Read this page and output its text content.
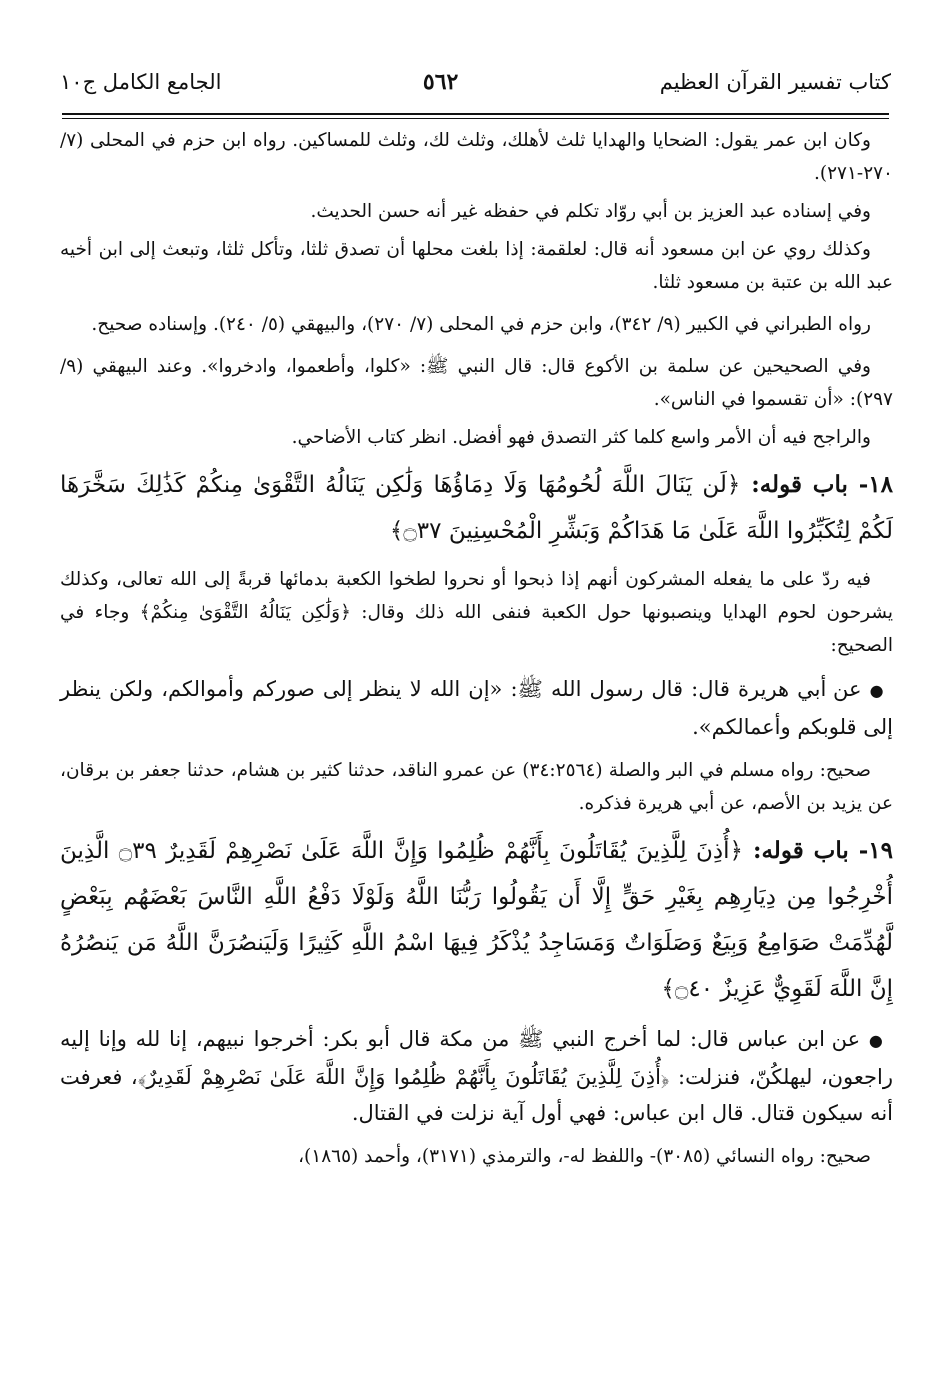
كتاب تفسير القرآن العظيم
٥٦٢
الجامع الكامل ج١٠

وكان ابن عمر يقول: الضحايا والهدايا ثلث لأهلك، وثلث لك، وثلث للمساكين. رواه ابن حزم في المحلى (٧/ ٢٧٠-٢٧١).

وفي إسناده عبد العزيز بن أبي روّاد تكلم في حفظه غير أنه حسن الحديث.

وكذلك روي عن ابن مسعود أنه قال: لعلقمة: إذا بلغت محلها أن تصدق ثلثا، وتأكل ثلثا، وتبعث إلى ابن أخيه عبد الله بن عتبة بن مسعود ثلثا.

رواه الطبراني في الكبير (٩/ ٣٤٢)، وابن حزم في المحلى (٧/ ٢٧٠)، والبيهقي (٥/ ٢٤٠). وإسناده صحيح.

وفي الصحيحين عن سلمة بن الأكوع قال: قال النبي ﷺ: «كلوا، وأطعموا، وادخروا». وعند البيهقي (٩/ ٢٩٧): «أن تقسموا في الناس».

والراجح فيه أن الأمر واسع كلما كثر التصدق فهو أفضل. انظر كتاب الأضاحي.

١٨- باب قوله: ﴿لَن يَنَالَ اللَّهَ لُحُومُهَا وَلَا دِمَاؤُهَا وَلَٰكِن يَنَالُهُ التَّقْوَىٰ مِنكُمْ كَذَٰلِكَ سَخَّرَهَا لَكُمْ لِتُكَبِّرُوا اللَّهَ عَلَىٰ مَا هَدَاكُمْ وَبَشِّرِ الْمُحْسِنِينَ ۝٣٧﴾

فيه ردّ على ما يفعله المشركون أنهم إذا ذبحوا أو نحروا لطخوا الكعبة بدمائها قربةً إلى الله تعالى، وكذلك يشرحون لحوم الهدايا وينصبونها حول الكعبة فنفى الله ذلك وقال: ﴿وَلَٰكِن يَنَالُهُ التَّقْوَىٰ مِنكُمْ﴾ وجاء في الصحيح:

● عن أبي هريرة قال: قال رسول الله ﷺ: «إن الله لا ينظر إلى صوركم وأموالكم، ولكن ينظر إلى قلوبكم وأعمالكم».

صحيح: رواه مسلم في البر والصلة (٣٤:٢٥٦٤) عن عمرو الناقد، حدثنا كثير بن هشام، حدثنا جعفر بن برقان، عن يزيد بن الأصم، عن أبي هريرة فذكره.

١٩- باب قوله: ﴿أُذِنَ لِلَّذِينَ يُقَاتَلُونَ بِأَنَّهُمْ ظُلِمُوا وَإِنَّ اللَّهَ عَلَىٰ نَصْرِهِمْ لَقَدِيرٌ ۝٣٩ الَّذِينَ أُخْرِجُوا مِن دِيَارِهِم بِغَيْرِ حَقٍّ إِلَّا أَن يَقُولُوا رَبُّنَا اللَّهُ وَلَوْلَا دَفْعُ اللَّهِ النَّاسَ بَعْضَهُم بِبَعْضٍ لَّهُدِّمَتْ صَوَامِعُ وَبِيَعٌ وَصَلَوَاتٌ وَمَسَاجِدُ يُذْكَرُ فِيهَا اسْمُ اللَّهِ كَثِيرًا وَلَيَنصُرَنَّ اللَّهُ مَن يَنصُرُهُ إِنَّ اللَّهَ لَقَوِيٌّ عَزِيزٌ ۝٤٠﴾

● عن ابن عباس قال: لما أخرج النبي ﷺ من مكة قال أبو بكر: أخرجوا نبيهم، إنا لله وإنا إليه راجعون، ليهلكُنّ، فنزلت: ﴿أُذِنَ لِلَّذِينَ يُقَاتَلُونَ بِأَنَّهُمْ ظُلِمُوا وَإِنَّ اللَّهَ عَلَىٰ نَصْرِهِمْ لَقَدِيرٌ﴾، فعرفت أنه سيكون قتال. قال ابن عباس: فهي أول آية نزلت في القتال.

صحيح: رواه النسائي (٣٠٨٥)- واللفظ له-، والترمذي (٣١٧١)، وأحمد (١٨٦٥)،
